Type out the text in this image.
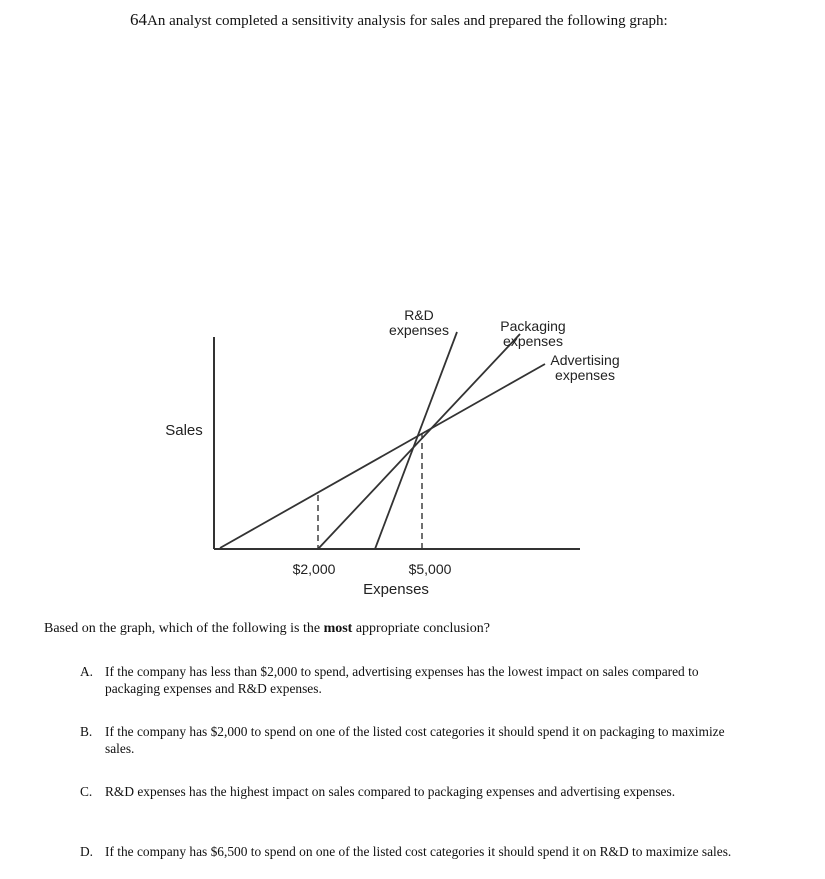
64An analyst completed a sensitivity analysis for sales and prepared the following graph:
Sales
Expenses
$2,000	$5,000
R&D
expenses	Packaging
expenses
Advertising
expenses
Based on the graph, which of the following is the most appropriate conclusion?
A. If the company has less than $2,000 to spend, advertising expenses has the lowest impact on sales compared to packaging expenses and R&D expenses.
B. If the company has $2,000 to spend on one of the listed cost categories it should spend it on packaging to maximize sales.
C. R&D expenses has the highest impact on sales compared to packaging expenses and advertising expenses.
D. If the company has $6,500 to spend on one of the listed cost categories it should spend it on R&D to maximize sales.
